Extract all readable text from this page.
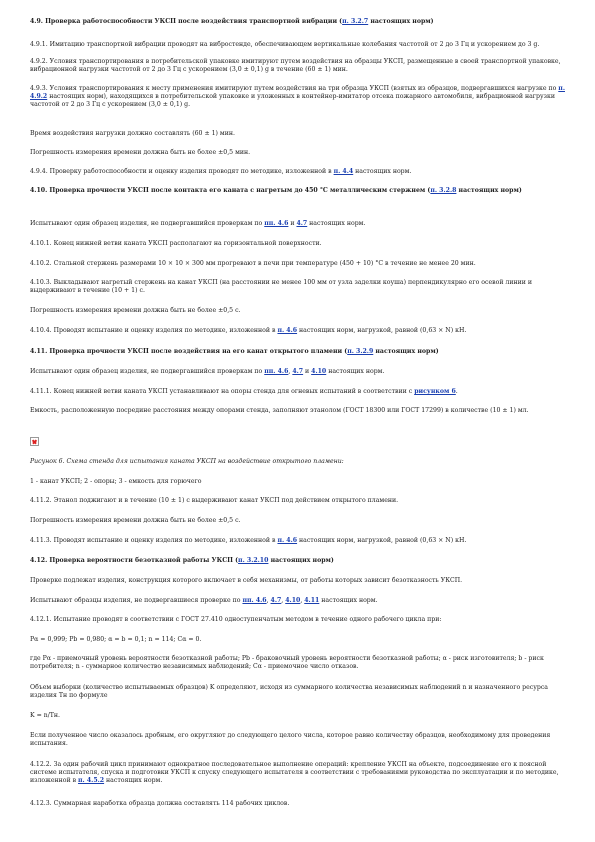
4.9. Проверка работоспособности УКСП после воздействия транспортной вибрации (п. 3.2.7 настоящих норм)
4.9.1. Имитацию транспортной вибрации проводят на вибростенде, обеспечивающем вертикальные колебания частотой от 2 до 3 Гц и ускорением до 3 g.
4.9.2. Условия транспортирования в потребительской упаковке имитируют путем воздействия на образцы УКСП, размещенные в своей транспортной упаковке, вибрационной нагрузки частотой от 2 до 3 Гц с ускорением (3,0 ± 0,1) g в течение (60 ± 1) мин.
4.9.3. Условия транспортирования к месту применения имитируют путем воздействия на три образца УКСП (взятых из образцов, подвергавшихся нагрузке по п. 4.9.2 настоящих норм), находящихся в потребительской упаковке и уложенных в контейнер-имитатор отсека пожарного автомобиля, вибрационной нагрузки частотой от 2 до 3 Гц с ускорением (3,0 ± 0,1) g.
Время воздействия нагрузки должно составлять (60 ± 1) мин.
Погрешность измерения времени должна быть не более ±0,5 мин.
4.9.4. Проверку работоспособности и оценку изделия проводят по методике, изложенной в п. 4.4 настоящих норм.
4.10. Проверка прочности УКСП после контакта его каната с нагретым до 450 °С металлическим стержнем (п. 3.2.8 настоящих норм)
Испытывают один образец изделия, не подвергавшийся проверкам по пп. 4.6 и 4.7 настоящих норм.
4.10.1. Конец нижней ветви каната УКСП располагают на горизонтальной поверхности.
4.10.2. Стальной стержень размерами 10 × 10 × 300 мм прогревают в печи при температуре (450 + 10) °С в течение не менее 20 мин.
4.10.3. Выкладывают нагретый стержень на канат УКСП (на расстоянии не менее 100 мм от узла заделки коуша) перпендикулярно его осевой линии и выдерживают в течение (10 + 1) с.
Погрешность измерения времени должна быть не более ±0,5 с.
4.10.4. Проводят испытание и оценку изделия по методике, изложенной в п. 4.6 настоящих норм, нагрузкой, равной (0,63 × N) кН.
4.11. Проверка прочности УКСП после воздействия на его канат открытого пламени (п. 3.2.9 настоящих норм)
Испытывают один образец изделия, не подвергавшийся проверкам по пп. 4.6, 4.7 и 4.10 настоящих норм.
4.11.1. Конец нижней ветви каната УКСП устанавливают на опоры стенда для огневых испытаний в соответствии с рисунком 6.
Емкость, расположенную посредине расстояния между опорами стенда, заполняют этанолом (ГОСТ 18300 или ГОСТ 17299) в количестве (10 ± 1) мл.
Рисунок 6. Схема стенда для испытания каната УКСП на воздействие открытого пламени:
1 - канат УКСП; 2 - опоры; 3 - емкость для горючего
4.11.2. Этанол поджигают и в течение (10 ± 1) с выдерживают канат УКСП под действием открытого пламени.
Погрешность измерения времени должна быть не более ±0,5 с.
4.11.3. Проводят испытание и оценку изделия по методике, изложенной в п. 4.6 настоящих норм, нагрузкой, равной (0,63 × N) кН.
4.12. Проверка вероятности безотказной работы УКСП (п. 3.2.10 настоящих норм)
Проверке подлежат изделия, конструкция которого включает в себя механизмы, от работы которых зависит безотказность УКСП.
Испытывают образцы изделия, не подвергавшиеся проверке по пп. 4.6, 4.7, 4.10, 4.11 настоящих норм.
4.12.1. Испытание проводят в соответствии с ГОСТ 27.410 одноступенчатым методом в течение одного рабочего цикла при:
Pα = 0,999; Pb = 0,980; α = b = 0,1; n = 114; Cα = 0.
где Pα - приемочный уровень вероятности безотказной работы; Pb - браковочный уровень вероятности безотказной работы; α - риск изготовителя; b - риск потребителя; n - суммарное количество независимых наблюдений; Cα - приемочное число отказов.
Объем выборки (количество испытываемых образцов) K определяют, исходя из суммарного количества независимых наблюдений n и назначенного ресурса изделия Tн по формуле
K = n/Tн.
Если полученное число оказалось дробным, его округляют до следующего целого числа, которое равно количеству образцов, необходимому для проведения испытания.
4.12.2. За один рабочий цикл принимают однократное последовательное выполнение операций: крепление УКСП на объекте, подсоединение его к поясной системе испытателя, спуска и подготовки УКСП к спуску следующего испытателя в соответствии с требованиями руководства по эксплуатации и по методике, изложенной в п. 4.5.2 настоящих норм.
4.12.3. Суммарная наработка образца должна составлять 114 рабочих циклов.
